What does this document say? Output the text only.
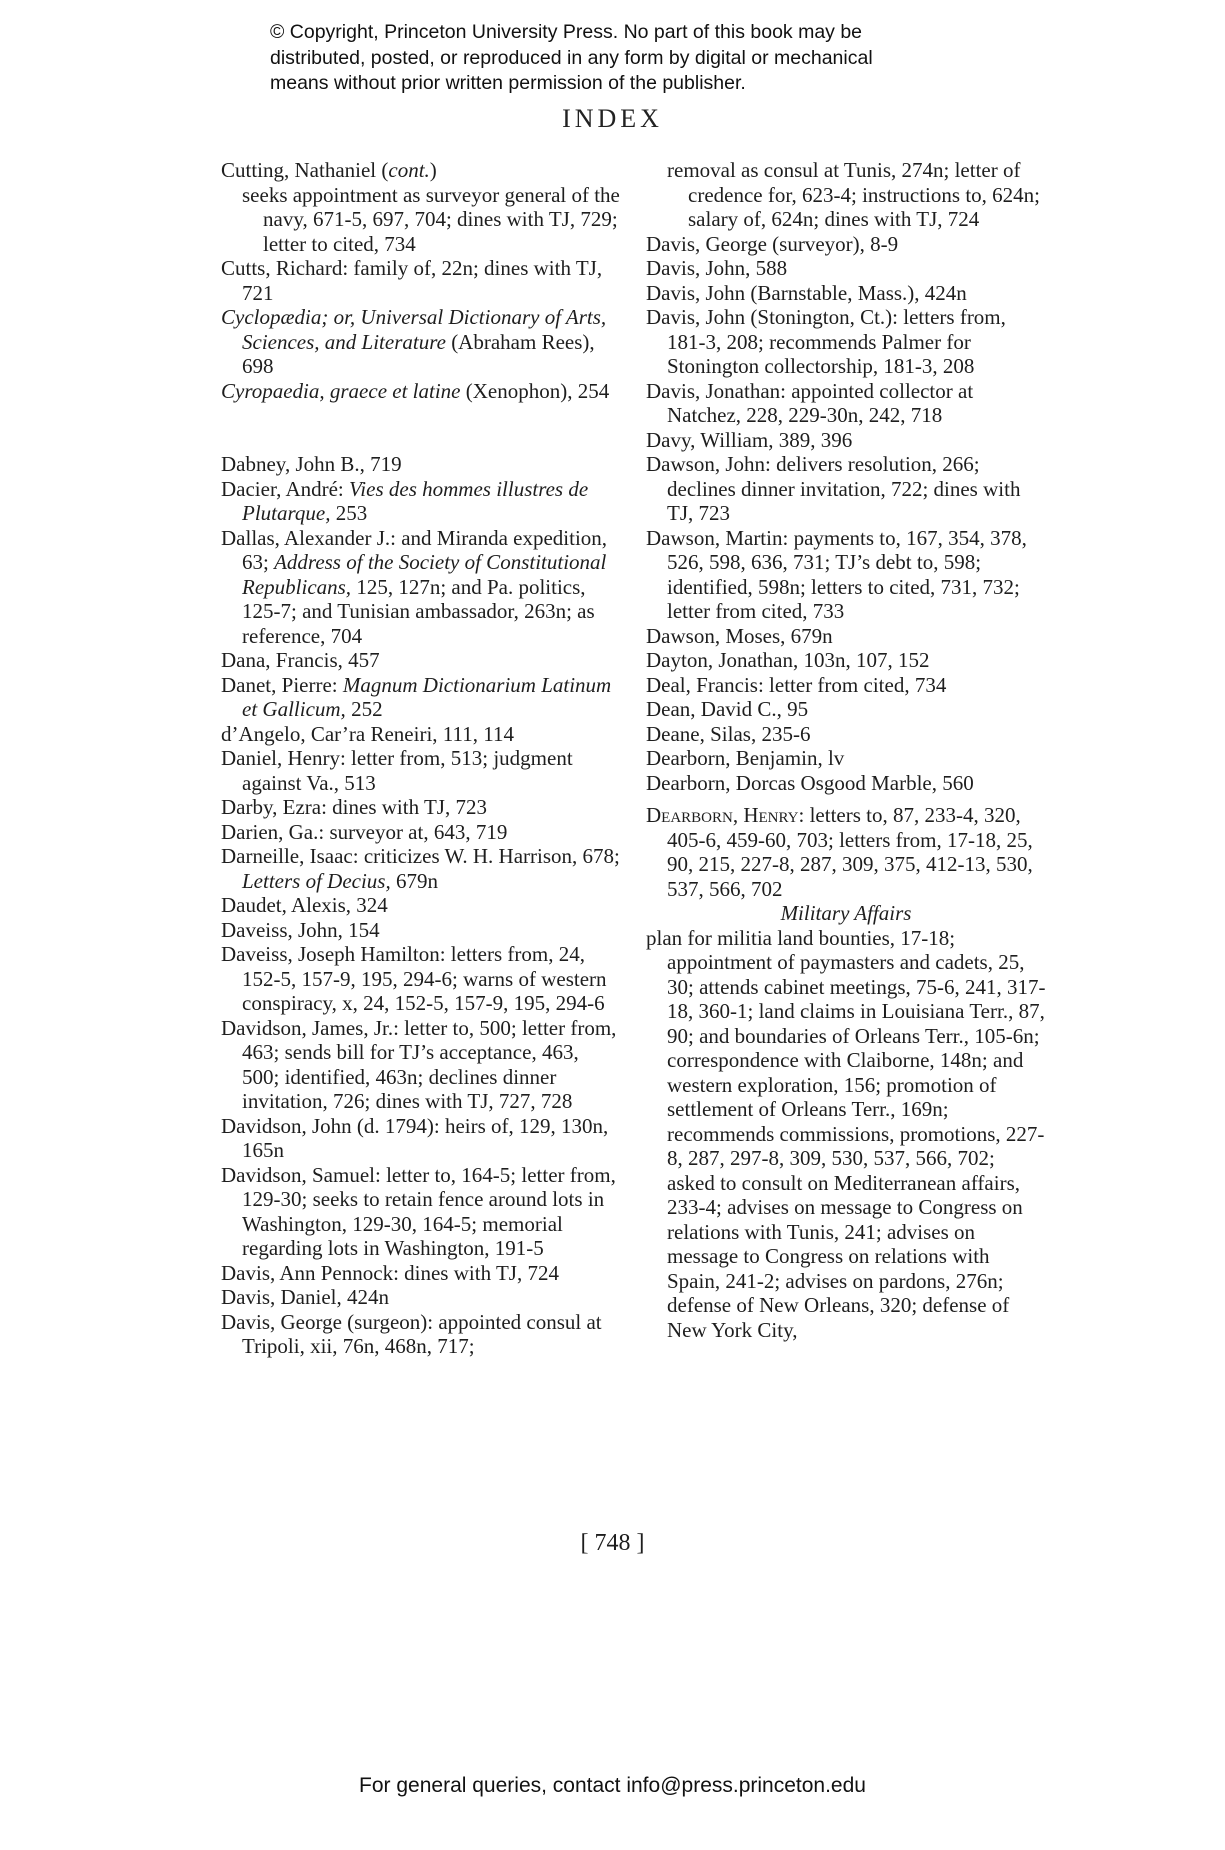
© Copyright, Princeton University Press. No part of this book may be
distributed, posted, or reproduced in any form by digital or mechanical
means without prior written permission of the publisher.
INDEX
Cutting, Nathaniel (cont.)
seeks appointment as surveyor general of the navy, 671-5, 697, 704; dines with TJ, 729; letter to cited, 734
Cutts, Richard: family of, 22n; dines with TJ, 721
Cyclopædia; or, Universal Dictionary of Arts, Sciences, and Literature (Abraham Rees), 698
Cyropaedia, graece et latine (Xenophon), 254
Dabney, John B., 719
Dacier, André: Vies des hommes illustres de Plutarque, 253
Dallas, Alexander J.: and Miranda expedition, 63; Address of the Society of Constitutional Republicans, 125, 127n; and Pa. politics, 125-7; and Tunisian ambassador, 263n; as reference, 704
Dana, Francis, 457
Danet, Pierre: Magnum Dictionarium Latinum et Gallicum, 252
d’Angelo, Car’ra Reneiri, 111, 114
Daniel, Henry: letter from, 513; judgment against Va., 513
Darby, Ezra: dines with TJ, 723
Darien, Ga.: surveyor at, 643, 719
Darneille, Isaac: criticizes W. H. Harrison, 678; Letters of Decius, 679n
Daudet, Alexis, 324
Daveiss, John, 154
Daveiss, Joseph Hamilton: letters from, 24, 152-5, 157-9, 195, 294-6; warns of western conspiracy, x, 24, 152-5, 157-9, 195, 294-6
Davidson, James, Jr.: letter to, 500; letter from, 463; sends bill for TJ’s acceptance, 463, 500; identified, 463n; declines dinner invitation, 726; dines with TJ, 727, 728
Davidson, John (d. 1794): heirs of, 129, 130n, 165n
Davidson, Samuel: letter to, 164-5; letter from, 129-30; seeks to retain fence around lots in Washington, 129-30, 164-5; memorial regarding lots in Washington, 191-5
Davis, Ann Pennock: dines with TJ, 724
Davis, Daniel, 424n
Davis, George (surgeon): appointed consul at Tripoli, xii, 76n, 468n, 717;
removal as consul at Tunis, 274n; letter of credence for, 623-4; instructions to, 624n; salary of, 624n; dines with TJ, 724
Davis, George (surveyor), 8-9
Davis, John, 588
Davis, John (Barnstable, Mass.), 424n
Davis, John (Stonington, Ct.): letters from, 181-3, 208; recommends Palmer for Stonington collectorship, 181-3, 208
Davis, Jonathan: appointed collector at Natchez, 228, 229-30n, 242, 718
Davy, William, 389, 396
Dawson, John: delivers resolution, 266; declines dinner invitation, 722; dines with TJ, 723
Dawson, Martin: payments to, 167, 354, 378, 526, 598, 636, 731; TJ’s debt to, 598; identified, 598n; letters to cited, 731, 732; letter from cited, 733
Dawson, Moses, 679n
Dayton, Jonathan, 103n, 107, 152
Deal, Francis: letter from cited, 734
Dean, David C., 95
Deane, Silas, 235-6
Dearborn, Benjamin, lv
Dearborn, Dorcas Osgood Marble, 560
Dearborn, Henry: letters to, 87, 233-4, 320, 405-6, 459-60, 703; letters from, 17-18, 25, 90, 215, 227-8, 287, 309, 375, 412-13, 530, 537, 566, 702
Military Affairs
plan for militia land bounties, 17-18; appointment of paymasters and cadets, 25, 30; attends cabinet meetings, 75-6, 241, 317-18, 360-1; land claims in Louisiana Terr., 87, 90; and boundaries of Orleans Terr., 105-6n; correspondence with Claiborne, 148n; and western exploration, 156; promotion of settlement of Orleans Terr., 169n; recommends commissions, promotions, 227-8, 287, 297-8, 309, 530, 537, 566, 702; asked to consult on Mediterranean affairs, 233-4; advises on message to Congress on relations with Tunis, 241; advises on message to Congress on relations with Spain, 241-2; advises on pardons, 276n; defense of New Orleans, 320; defense of New York City,
[ 748 ]
For general queries, contact info@press.princeton.edu
